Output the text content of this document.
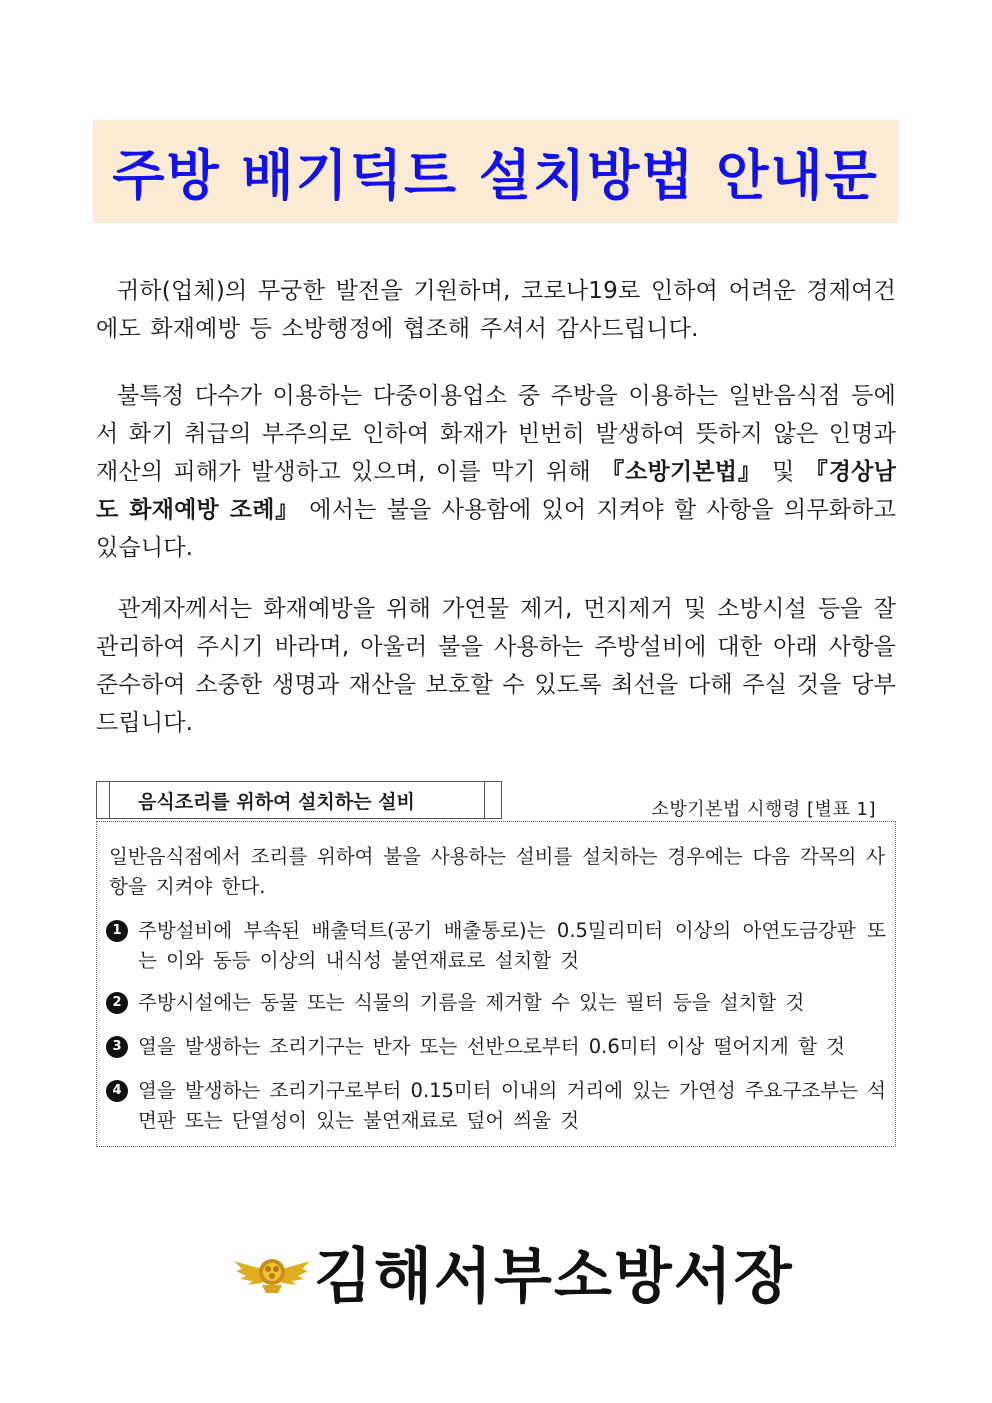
주방 배기덕트 설치방법 안내문

귀하(업체)의 무궁한 발전을 기원하며, 코로나19로 인하여 어려운 경제여건에도 화재예방 등 소방행정에 협조해 주셔서 감사드립니다.

불특정 다수가 이용하는 다중이용업소 중 주방을 이용하는 일반음식점 등에서 화기 취급의 부주의로 인하여 화재가 빈번히 발생하여 뜻하지 않은 인명과 재산의 피해가 발생하고 있으며, 이를 막기 위해 『소방기본법』 및 『경상남도 화재예방 조례』 에서는 불을 사용함에 있어 지켜야 할 사항을 의무화하고 있습니다.

관계자께서는 화재예방을 위해 가연물 제거, 먼지제거 및 소방시설 등을 잘 관리하여 주시기 바라며, 아울러 불을 사용하는 주방설비에 대한 아래 사항을 준수하여 소중한 생명과 재산을 보호할 수 있도록 최선을 다해 주실 것을 당부 드립니다.

음식조리를 위하여 설치하는 설비	소방기본법 시행령 [별표 1]

일반음식점에서 조리를 위하여 불을 사용하는 설비를 설치하는 경우에는 다음 각목의 사항을 지켜야 한다.

1 주방설비에 부속된 배출덕트(공기 배출통로)는 0.5밀리미터 이상의 아연도금강판 또는 이와 동등 이상의 내식성 불연재료로 설치할 것
2 주방시설에는 동물 또는 식물의 기름을 제거할 수 있는 필터 등을 설치할 것
3 열을 발생하는 조리기구는 반자 또는 선반으로부터 0.6미터 이상 떨어지게 할 것
4 열을 발생하는 조리기구로부터 0.15미터 이내의 거리에 있는 가연성 주요구조부는 석면판 또는 단열성이 있는 불연재료로 덮어 씌울 것
김해서부소방서장
